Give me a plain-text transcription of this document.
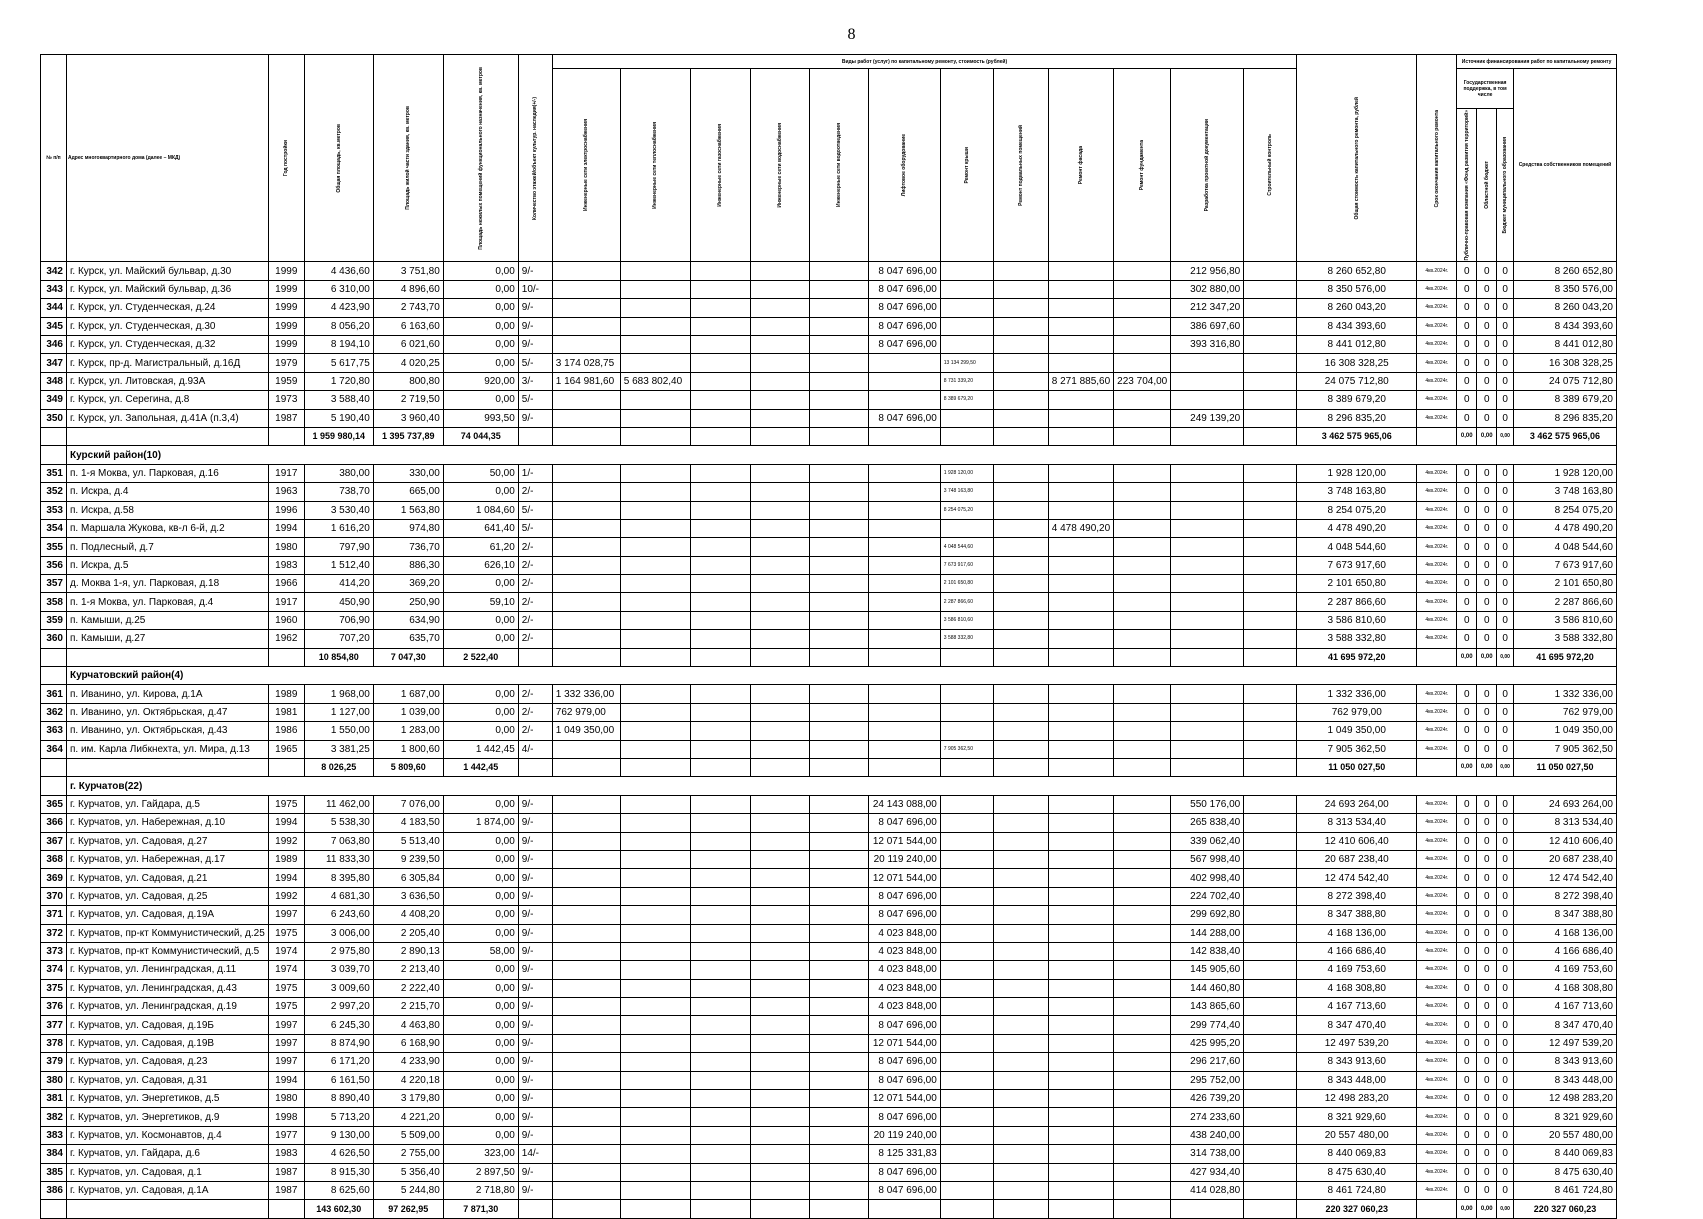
8
№ п/п	Адрес многоквартирного дома (далее – МКД)	Год постройки	Общая площадь, кв.метров	Площадь жилой части здания, кв. метров	Площадь нежилых помещений функционального назначения, кв. метров	Количество этажей/объект культур. наследия(+/-)	Виды работ (услуг) по капитальному ремонту, стоимость (рублей)												Общая стоимость капитального ремонта, рублей	Срок окончания капитального ремонта	Источник финансирования работ по капитальному ремонту			

							Инженерные сети электроснабжения	Инженерные сети теплоснабжения	Инженерные сети газоснабжения	Инженерные сети водоснабжения	Инженерные сети водоотведения	Лифтовое оборудование	Ремонт крыши	Ремонт подвальных помещений	Ремонт фасада	Ремонт фундамента	Разработка проектной документации	Строительный контроль			Государственная поддержка, в том числе			Средства собственников помещений

																					Публично-правовая компания «Фонд развития территорий»	Областной бюджет	Бюджет муниципального образования	

342	г. Курск, ул. Майский бульвар, д.30	1999	4 436,60	3 751,80	0,00	9/-						8 047 696,00					212 956,80		8 260 652,80	4кв.2024г.	0	0	0	8 260 652,80
343	г. Курск, ул. Майский бульвар, д.36	1999	6 310,00	4 896,60	0,00	10/-						8 047 696,00					302 880,00		8 350 576,00	4кв.2024г.	0	0	0	8 350 576,00
344	г. Курск, ул. Студенческая, д.24	1999	4 423,90	2 743,70	0,00	9/-						8 047 696,00					212 347,20		8 260 043,20	4кв.2024г.	0	0	0	8 260 043,20
345	г. Курск, ул. Студенческая, д.30	1999	8 056,20	6 163,60	0,00	9/-						8 047 696,00					386 697,60		8 434 393,60	4кв.2024г.	0	0	0	8 434 393,60
346	г. Курск, ул. Студенческая, д.32	1999	8 194,10	6 021,60	0,00	9/-						8 047 696,00					393 316,80		8 441 012,80	4кв.2024г.	0	0	0	8 441 012,80
347	г. Курск, пр-д. Магистральный, д.16Д	1979	5 617,75	4 020,25	0,00	5/-	3 174 028,75						13 134 299,50						16 308 328,25	4кв.2024г.	0	0	0	16 308 328,25
348	г. Курск, ул. Литовская, д.93А	1959	1 720,80	800,80	920,00	3/-	1 164 981,60	5 683 802,40					8 731 339,20		8 271 885,60	223 704,00			24 075 712,80	4кв.2024г.	0	0	0	24 075 712,80
349	г. Курск, ул. Серегина, д.8	1973	3 588,40	2 719,50	0,00	5/-							8 389 679,20						8 389 679,20	4кв.2024г.	0	0	0	8 389 679,20
350	г. Курск, ул. Запольная, д.41А (п.3,4)	1987	5 190,40	3 960,40	993,50	9/-						8 047 696,00					249 139,20		8 296 835,20	4кв.2024г.	0	0	0	8 296 835,20
			1 959 980,14	1 395 737,89	74 044,35														3 462 575 965,06		0,00	0,00	0,00	3 462 575 965,06
	Курский район(10)																							
351	п. 1-я Моква, ул. Парковая, д.16	1917	380,00	330,00	50,00	1/-							1 928 120,00						1 928 120,00	4кв.2024г.	0	0	0	1 928 120,00
352	п. Искра, д.4	1963	738,70	665,00	0,00	2/-							3 748 163,80						3 748 163,80	4кв.2024г.	0	0	0	3 748 163,80
353	п. Искра, д.58	1996	3 530,40	1 563,80	1 084,60	5/-							8 254 075,20						8 254 075,20	4кв.2024г.	0	0	0	8 254 075,20
354	п. Маршала Жукова, кв-л 6-й, д.2	1994	1 616,20	974,80	641,40	5/-									4 478 490,20				4 478 490,20	4кв.2024г.	0	0	0	4 478 490,20
355	п. Подлесный, д.7	1980	797,90	736,70	61,20	2/-							4 048 544,60						4 048 544,60	4кв.2024г.	0	0	0	4 048 544,60
356	п. Искра, д.5	1983	1 512,40	886,30	626,10	2/-							7 673 917,60						7 673 917,60	4кв.2024г.	0	0	0	7 673 917,60
357	д. Моква 1-я, ул. Парковая, д.18	1966	414,20	369,20	0,00	2/-							2 101 650,80						2 101 650,80	4кв.2024г.	0	0	0	2 101 650,80
358	п. 1-я Моква, ул. Парковая, д.4	1917	450,90	250,90	59,10	2/-							2 287 866,60						2 287 866,60	4кв.2024г.	0	0	0	2 287 866,60
359	п. Камыши, д.25	1960	706,90	634,90	0,00	2/-							3 586 810,60						3 586 810,60	4кв.2024г.	0	0	0	3 586 810,60
360	п. Камыши, д.27	1962	707,20	635,70	0,00	2/-							3 588 332,80						3 588 332,80	4кв.2024г.	0	0	0	3 588 332,80
			10 854,80	7 047,30	2 522,40														41 695 972,20		0,00	0,00	0,00	41 695 972,20
	Курчатовский район(4)																							
361	п. Иванино, ул. Кирова, д.1А	1989	1 968,00	1 687,00	0,00	2/-	1 332 336,00												1 332 336,00	4кв.2024г.	0	0	0	1 332 336,00
362	п. Иванино, ул. Октябрьская, д.47	1981	1 127,00	1 039,00	0,00	2/-	762 979,00												762 979,00	4кв.2024г.	0	0	0	762 979,00
363	п. Иванино, ул. Октябрьская, д.43	1986	1 550,00	1 283,00	0,00	2/-	1 049 350,00												1 049 350,00	4кв.2024г.	0	0	0	1 049 350,00
364	п. им. Карла Либкнехта, ул. Мира, д.13	1965	3 381,25	1 800,60	1 442,45	4/-							7 905 362,50						7 905 362,50	4кв.2024г.	0	0	0	7 905 362,50
			8 026,25	5 809,60	1 442,45														11 050 027,50		0,00	0,00	0,00	11 050 027,50
	г. Курчатов(22)																							
365	г. Курчатов, ул. Гайдара, д.5	1975	11 462,00	7 076,00	0,00	9/-						24 143 088,00					550 176,00		24 693 264,00	4кв.2024г.	0	0	0	24 693 264,00
366	г. Курчатов, ул. Набережная, д.10	1994	5 538,30	4 183,50	1 874,00	9/-						8 047 696,00					265 838,40		8 313 534,40	4кв.2024г.	0	0	0	8 313 534,40
367	г. Курчатов, ул. Садовая, д.27	1992	7 063,80	5 513,40	0,00	9/-						12 071 544,00					339 062,40		12 410 606,40	4кв.2024г.	0	0	0	12 410 606,40
368	г. Курчатов, ул. Набережная, д.17	1989	11 833,30	9 239,50	0,00	9/-						20 119 240,00					567 998,40		20 687 238,40	4кв.2024г.	0	0	0	20 687 238,40
369	г. Курчатов, ул. Садовая, д.21	1994	8 395,80	6 305,84	0,00	9/-						12 071 544,00					402 998,40		12 474 542,40	4кв.2024г.	0	0	0	12 474 542,40
370	г. Курчатов, ул. Садовая, д.25	1992	4 681,30	3 636,50	0,00	9/-						8 047 696,00					224 702,40		8 272 398,40	4кв.2024г.	0	0	0	8 272 398,40
371	г. Курчатов, ул. Садовая, д.19А	1997	6 243,60	4 408,20	0,00	9/-						8 047 696,00					299 692,80		8 347 388,80	4кв.2024г.	0	0	0	8 347 388,80
372	г. Курчатов, пр-кт Коммунистический, д.25	1975	3 006,00	2 205,40	0,00	9/-						4 023 848,00					144 288,00		4 168 136,00	4кв.2024г.	0	0	0	4 168 136,00
373	г. Курчатов, пр-кт Коммунистический, д.5	1974	2 975,80	2 890,13	58,00	9/-						4 023 848,00					142 838,40		4 166 686,40	4кв.2024г.	0	0	0	4 166 686,40
374	г. Курчатов, ул. Ленинградская, д.11	1974	3 039,70	2 213,40	0,00	9/-						4 023 848,00					145 905,60		4 169 753,60	4кв.2024г.	0	0	0	4 169 753,60
375	г. Курчатов, ул. Ленинградская, д.43	1975	3 009,60	2 222,40	0,00	9/-						4 023 848,00					144 460,80		4 168 308,80	4кв.2024г.	0	0	0	4 168 308,80
376	г. Курчатов, ул. Ленинградская, д.19	1975	2 997,20	2 215,70	0,00	9/-						4 023 848,00					143 865,60		4 167 713,60	4кв.2024г.	0	0	0	4 167 713,60
377	г. Курчатов, ул. Садовая, д.19Б	1997	6 245,30	4 463,80	0,00	9/-						8 047 696,00					299 774,40		8 347 470,40	4кв.2024г.	0	0	0	8 347 470,40
378	г. Курчатов, ул. Садовая, д.19В	1997	8 874,90	6 168,90	0,00	9/-						12 071 544,00					425 995,20		12 497 539,20	4кв.2024г.	0	0	0	12 497 539,20
379	г. Курчатов, ул. Садовая, д.23	1997	6 171,20	4 233,90	0,00	9/-						8 047 696,00					296 217,60		8 343 913,60	4кв.2024г.	0	0	0	8 343 913,60
380	г. Курчатов, ул. Садовая, д.31	1994	6 161,50	4 220,18	0,00	9/-						8 047 696,00					295 752,00		8 343 448,00	4кв.2024г.	0	0	0	8 343 448,00
381	г. Курчатов, ул. Энергетиков, д.5	1980	8 890,40	3 179,80	0,00	9/-						12 071 544,00					426 739,20		12 498 283,20	4кв.2024г.	0	0	0	12 498 283,20
382	г. Курчатов, ул. Энергетиков, д.9	1998	5 713,20	4 221,20	0,00	9/-						8 047 696,00					274 233,60		8 321 929,60	4кв.2024г.	0	0	0	8 321 929,60
383	г. Курчатов, ул. Космонавтов, д.4	1977	9 130,00	5 509,00	0,00	9/-						20 119 240,00					438 240,00		20 557 480,00	4кв.2024г.	0	0	0	20 557 480,00
384	г. Курчатов, ул. Гайдара, д.6	1983	4 626,50	2 755,00	323,00	14/-						8 125 331,83					314 738,00		8 440 069,83	4кв.2024г.	0	0	0	8 440 069,83
385	г. Курчатов, ул. Садовая, д.1	1987	8 915,30	5 356,40	2 897,50	9/-						8 047 696,00					427 934,40		8 475 630,40	4кв.2024г.	0	0	0	8 475 630,40
386	г. Курчатов, ул. Садовая, д.1А	1987	8 625,60	5 244,80	2 718,80	9/-						8 047 696,00					414 028,80		8 461 724,80	4кв.2024г.	0	0	0	8 461 724,80
			143 602,30	97 262,95	7 871,30														220 327 060,23		0,00	0,00	0,00	220 327 060,23
